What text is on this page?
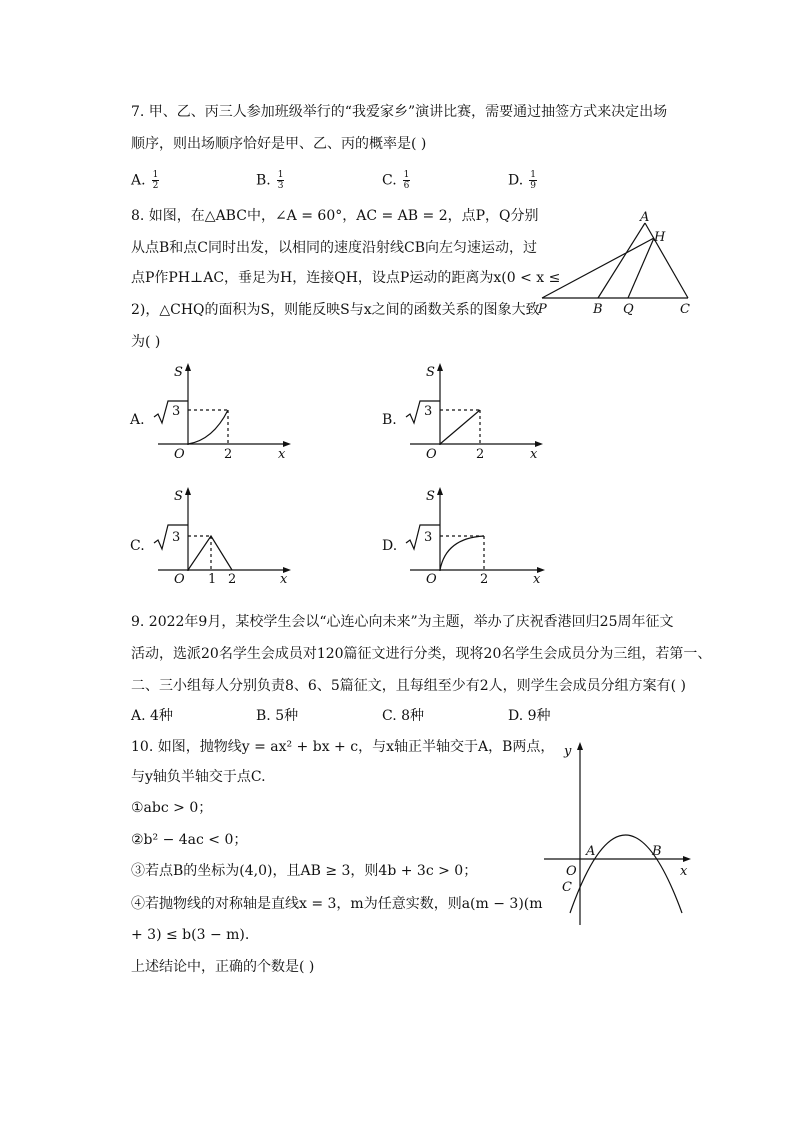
7. 甲、乙、丙三人参加班级举行的“我爱家乡”演讲比赛，需要通过抽签方式来决定出场
顺序，则出场顺序恰好是甲、乙、丙的概率是( )
A. $\frac{1}{2}$	B. $\frac{1}{3}$	C. $\frac{1}{6}$	D. $\frac{1}{9}$
8. 如图，在△ABC中，∠A = 60°，AC = AB = 2，点P，Q分别
从点B和点C同时出发，以相同的速度沿射线CB向左匀速运动，过
点P作PH⊥AC，垂足为H，连接QH，设点P运动的距离为x(0 < x ≤
2)，△CHQ的面积为S，则能反映S与x之间的函数关系的图象大致
为( )
A
H
P	B Q	C
A.
S
3
O	2	x
B.
S
3
O	2	x
C.
S
3
O 1 2	x
D.
S
3
O	2	x
9. 2022年9月，某校学生会以“心连心向未来”为主题，举办了庆祝香港回归25周年征文
活动，选派20名学生会成员对120篇征文进行分类，现将20名学生会成员分为三组，若第一、
二、三小组每人分别负责8、6、5篇征文，且每组至少有2人，则学生会成员分组方案有( )
A. 4种	B. 5种	C. 8种	D. 9种
10. 如图，抛物线y = ax² + bx + c，与x轴正半轴交于A，B两点，
与y轴负半轴交于点C.
①abc > 0；
②b² − 4ac < 0；
③若点B的坐标为(4,0)，且AB ≥ 3，则4b + 3c > 0；
④若抛物线的对称轴是直线x = 3，m为任意实数，则a(m − 3)(m
+ 3) ≤ b(3 − m).
上述结论中，正确的个数是( )
y
x
O
A	B
C
